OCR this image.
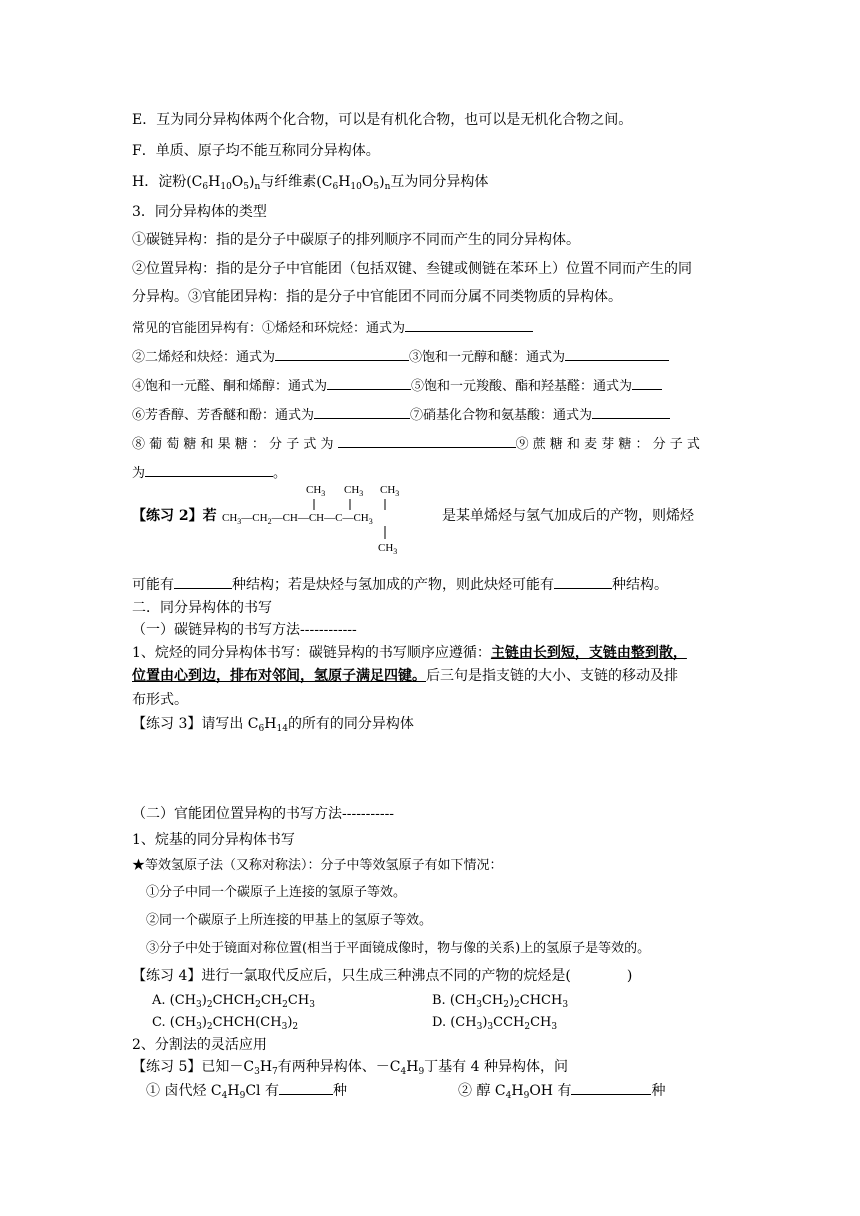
E．互为同分异构体两个化合物，可以是有机化合物，也可以是无机化合物之间。
F．单质、原子均不能互称同分异构体。
H．淀粉$(C_6H_{10}O_5)_n$与纤维素$(C_6H_{10}O_5)_n$互为同分异构体
3．同分异构体的类型
①碳链异构：指的是分子中碳原子的排列顺序不同而产生的同分异构体。
②位置异构：指的是分子中官能团（包括双键、叁键或侧链在苯环上）位置不同而产生的同
分异构。③官能团异构：指的是分子中官能团不同而分属不同类物质的异构体。
常见的官能团异构有：①烯烃和环烷烃：通式为
②二烯烃和炔烃：通式为	③饱和一元醇和醚：通式为
④饱和一元醛、酮和烯醇：通式为	⑤饱和一元羧酸、酯和羟基醛：通式为
⑥芳香醇、芳香醚和酚：通式为	⑦硝基化合物和氨基酸：通式为
⑧ 葡 萄 糖 和 果 糖 ： 分 子 式 为	⑨ 蔗 糖 和 麦 芽 糖 ： 分 子 式
为	。
【练习 2】若
$CH_3$ $CH_3$ $CH_3$
$CH_3—CH_2—CH—CH—C—CH_3$
$CH_3$
是某单烯烃与氢气加成后的产物，则烯烃
可能有	种结构；若是炔烃与氢加成的产物，则此炔烃可能有	种结构。
二．同分异构体的书写
（一）碳链异构的书写方法------------
1、烷烃的同分异构体书写：碳链异构的书写顺序应遵循：主链由长到短，支链由整到散，
位置由心到边，排布对邻间，氢原子满足四键。后三句是指支链的大小、支链的移动及排
布形式。
【练习 3】请写出 $C_6H_{14}$的所有的同分异构体
（二）官能团位置异构的书写方法-----------
1、烷基的同分异构体书写
★等效氢原子法（又称对称法）：分子中等效氢原子有如下情况：
①分子中同一个碳原子上连接的氢原子等效。
②同一个碳原子上所连接的甲基上的氢原子等效。
③分子中处于镜面对称位置(相当于平面镜成像时，物与像的关系)上的氢原子是等效的。
【练习 4】进行一氯取代反应后，只生成三种沸点不同的产物的烷烃是(	)
A. $(CH_3)_2CHCH_2CH_2CH_3$	B. $(CH_3CH_2)_2CHCH_3$
C. $(CH_3)_2CHCH(CH_3)_2$	D. $(CH_3)_3CCH_2CH_3$
2、分割法的灵活应用
【练习 5】已知$-C_3H_7$有两种异构体、$-C_4H_9$丁基有 4 种异构体，问
① 卤代烃 $C_4H_9Cl$ 有	种	② 醇 $C_4H_9OH$ 有	种
